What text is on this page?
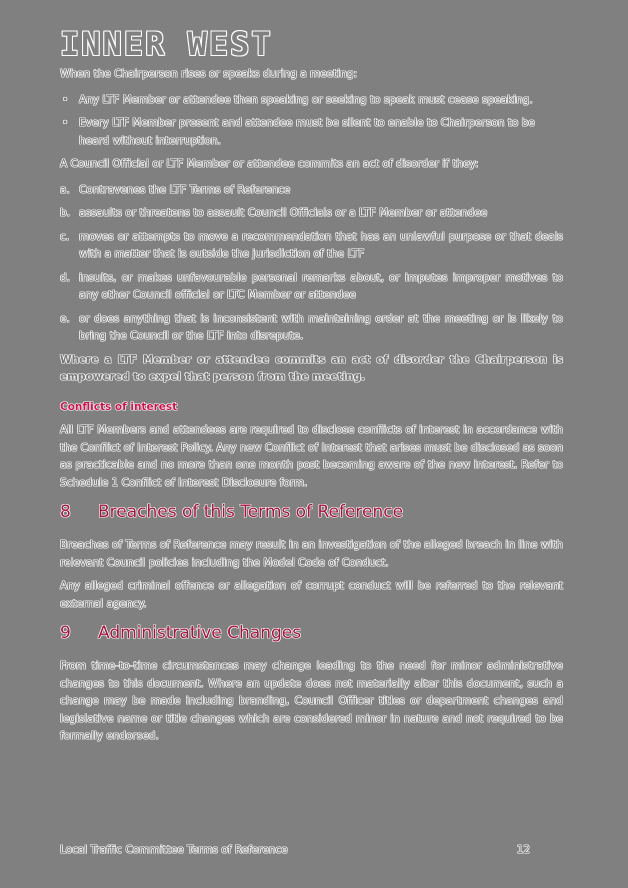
INNER WEST

When the Chairperson rises or speaks during a meeting:

• Any LTF Member or attendee then speaking or seeking to speak must cease speaking.
• Every LTF Member present and attendee must be silent to enable to Chairperson to be heard without interruption.

A Council Official or LTF Member or attendee commits an act of disorder if they:

a. Contravenes the LTF Terms of Reference
b. assaults or threatens to assault Council Officials or a LTF Member or attendee
c. moves or attempts to move a recommendation that has an unlawful purpose or that deals with a matter that is outside the jurisdiction of the LTF
d. insults, or makes unfavourable personal remarks about, or imputes improper motives to any other Council official or LTC Member or attendee
e. or does anything that is inconsistent with maintaining order at the meeting or is likely to bring the Council or the LTF into disrepute.

Where a LTF Member or attendee commits an act of disorder the Chairperson is empowered to expel that person from the meeting.

Conflicts of interest

All LTF Members and attendees are required to disclose conflicts of interest in accordance with the Conflict of Interest Policy. Any new Conflict of Interest that arises must be disclosed as soon as practicable and no more than one month post becoming aware of the new interest. Refer to Schedule 1 Conflict of Interest Disclosure form.

8	Breaches of this Terms of Reference

Breaches of Terms of Reference may result in an investigation of the alleged breach in line with relevant Council policies including the Model Code of Conduct.

Any alleged criminal offence or allegation of corrupt conduct will be referred to the relevant external agency.

9	Administrative Changes

From time-to-time circumstances may change leading to the need for minor administrative changes to this document. Where an update does not materially alter this document, such a change may be made including branding, Council Officer titles or department changes and legislative name or title changes which are considered minor in nature and not required to be formally endorsed.

Local Traffic Committee Terms of Reference	12
